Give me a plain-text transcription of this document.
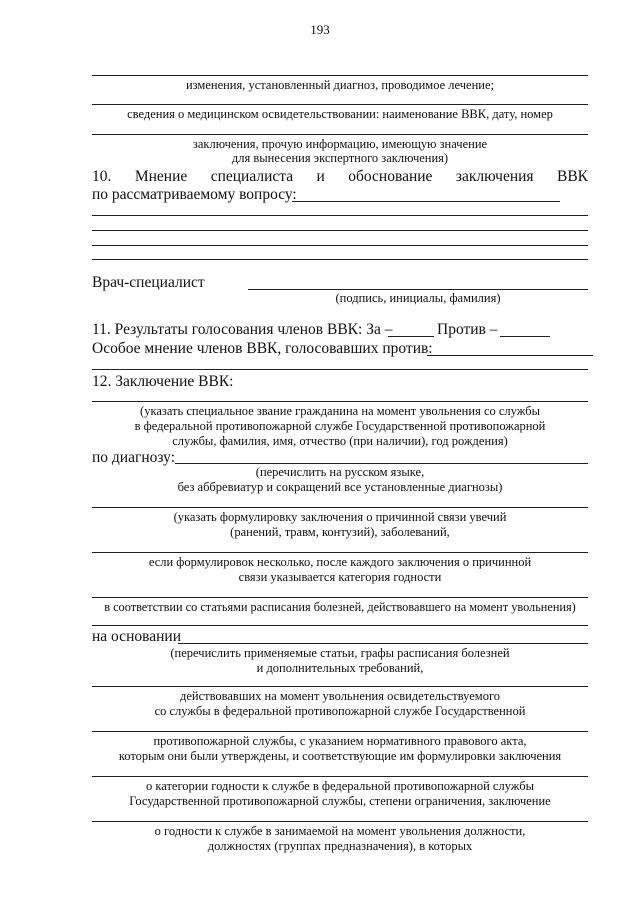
193
изменения, установленный диагноз, проводимое лечение;
сведения о медицинском освидетельствовании: наименование ВВК, дату, номер
заключения, прочую информацию, имеющую значение
для вынесения экспертного заключения)
10. Мнение специалиста и обоснование заключения ВВК
по рассматриваемому вопросу:
Врач-специалист
(подпись, инициалы, фамилия)
11. Результаты голосования членов ВВК: За –	Против –
Особое мнение членов ВВК, голосовавших против:
12. Заключение ВВК:
(указать специальное звание гражданина на момент увольнения со службы
в федеральной противопожарной службе Государственной противопожарной
службы, фамилия, имя, отчество (при наличии), год рождения)
по диагнозу:
(перечислить на русском языке,
без аббревиатур и сокращений все установленные диагнозы)
(указать формулировку заключения о причинной связи увечий
(ранений, травм, контузий), заболеваний,
если формулировок несколько, после каждого заключения о причинной
связи указывается категория годности
в соответствии со статьями расписания болезней, действовавшего на момент увольнения)
на основании
(перечислить применяемые статьи, графы расписания болезней
и дополнительных требований,
действовавших на момент увольнения освидетельствуемого
со службы в федеральной противопожарной службе Государственной
противопожарной службы, с указанием нормативного правового акта,
которым они были утверждены, и соответствующие им формулировки заключения
о категории годности к службе в федеральной противопожарной службы
Государственной противопожарной службы, степени ограничения, заключение
о годности к службе в занимаемой на момент увольнения должности,
должностях (группах предназначения), в которых
